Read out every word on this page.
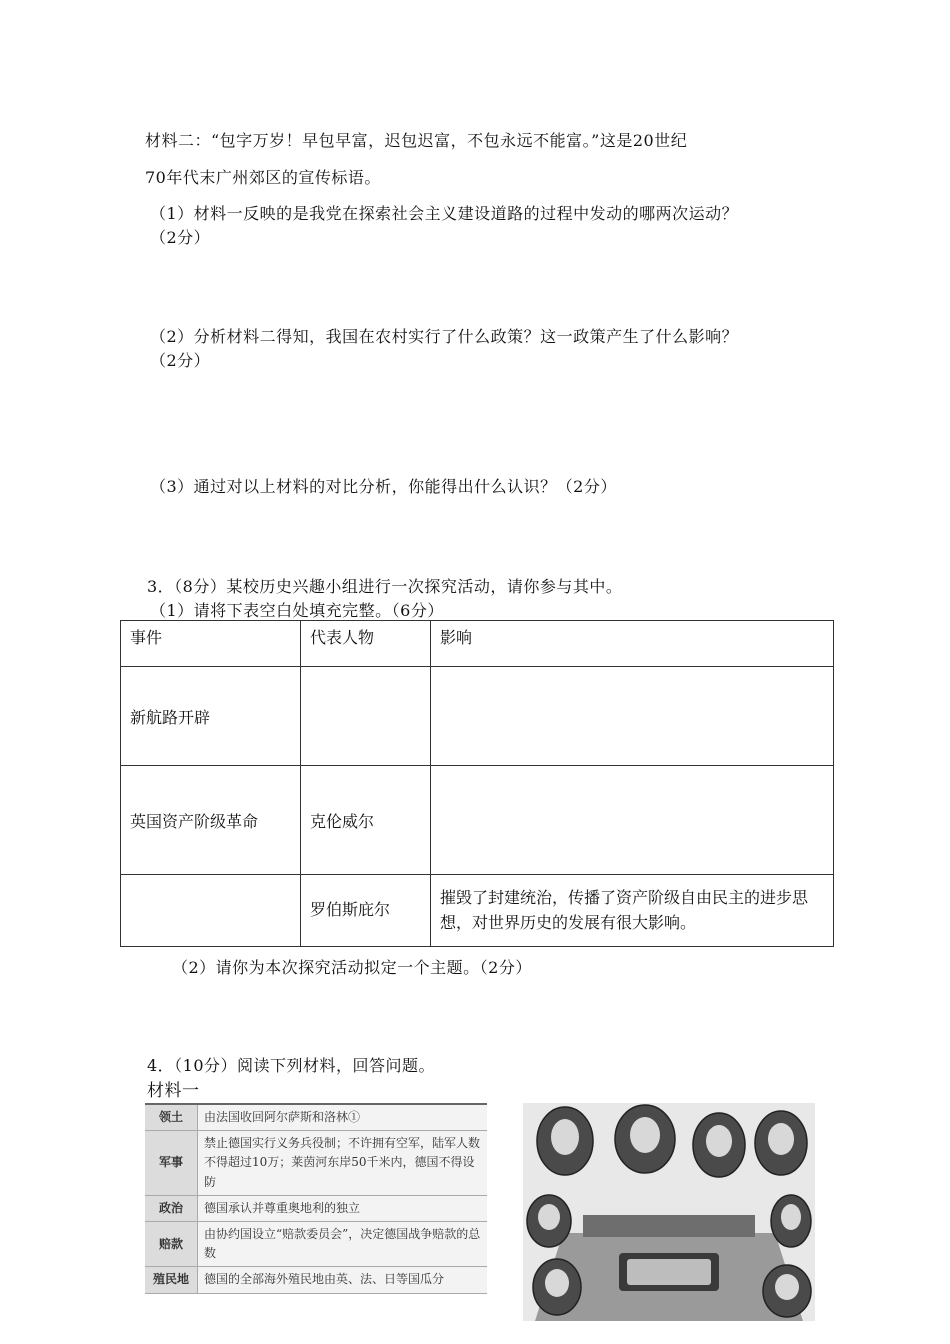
材料二：“包字万岁！早包早富，迟包迟富，不包永远不能富。”这是20世纪
70年代末广州郊区的宣传标语。
（1）材料一反映的是我党在探索社会主义建设道路的过程中发动的哪两次运动？
（2分）
（2）分析材料二得知，我国在农村实行了什么政策？这一政策产生了什么影响？
（2分）
（3）通过对以上材料的对比分析，你能得出什么认识？（2分）
3．（8分）某校历史兴趣小组进行一次探究活动，请你参与其中。
（1）请将下表空白处填充完整。（6分）
事件	代表人物	影响
新航路开辟		
英国资产阶级革命	克伦威尔	
	罗伯斯庇尔	摧毁了封建统治，传播了资产阶级自由民主的进步思想，对世界历史的发展有很大影响。
（2）请你为本次探究活动拟定一个主题。（2分）
4．（10分）阅读下列材料，回答问题。
材料一
领土	由法国收回阿尔萨斯和洛林①
军事	禁止德国实行义务兵役制；不许拥有空军，陆军人数不得超过10万；莱茵河东岸50千米内，德国不得设防
政治	德国承认并尊重奥地利的独立
赔款	由协约国设立“赔款委员会”，决定德国战争赔款的总数
殖民地	德国的全部海外殖民地由英、法、日等国瓜分
